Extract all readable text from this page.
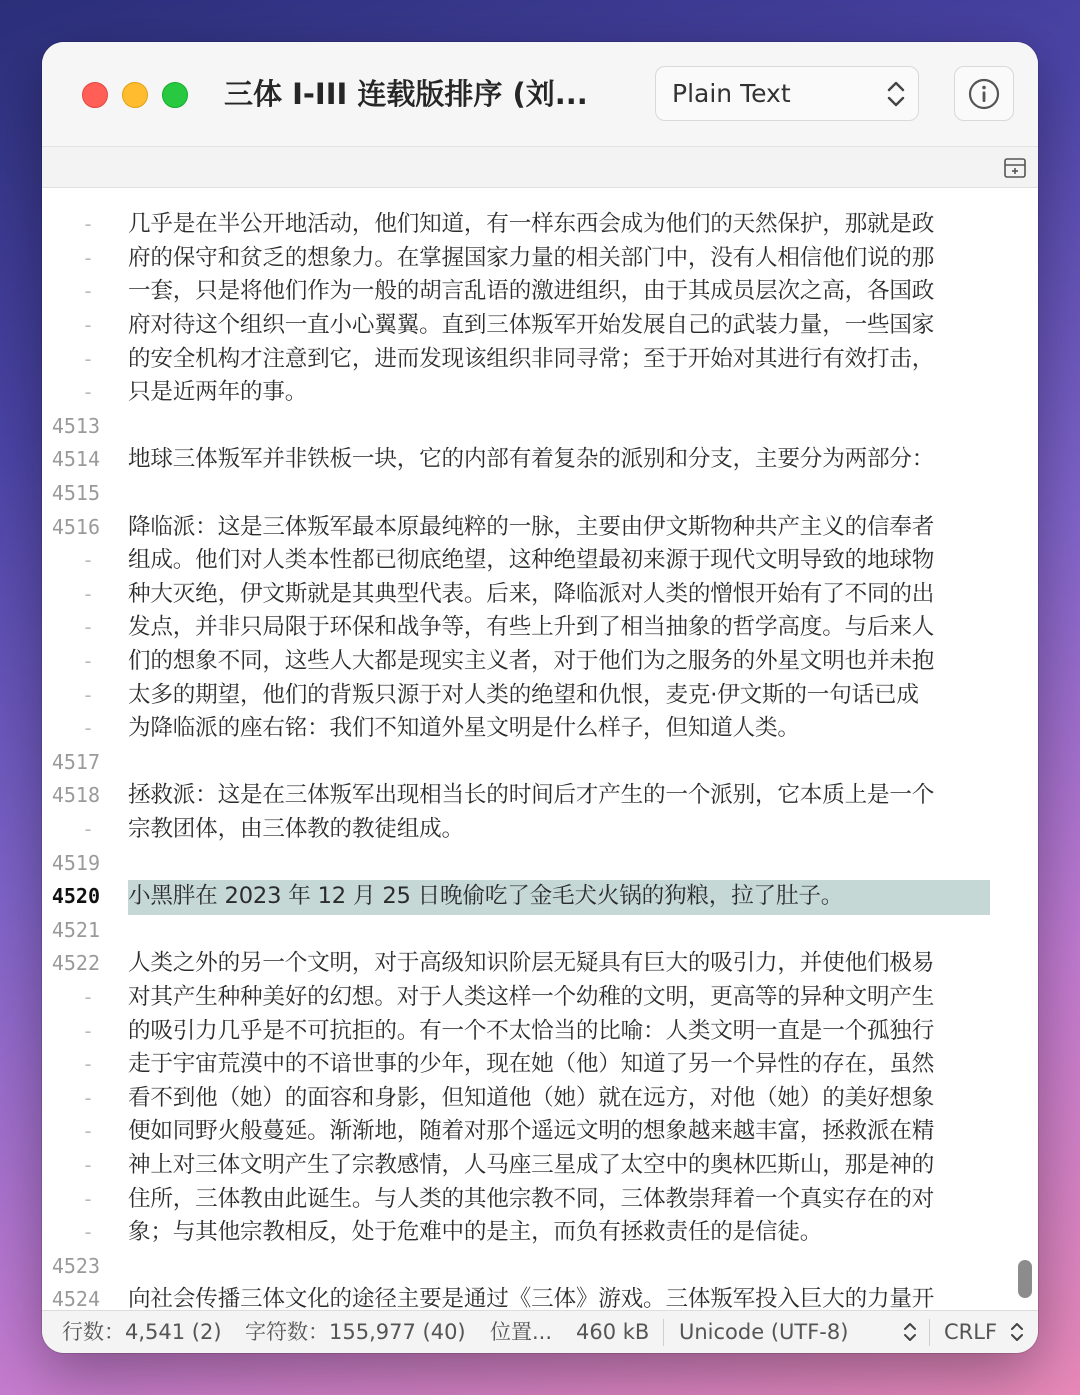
三体 I-III 连载版排序 (刘...	Plain Text
-
-
-
-
-
-
4513
4514
4515
4516
-
-
-
-
-
-
4517
4518
-
4519
4520
4521
4522
-
-
-
-
-
-
-
-
4523
4524
几乎是在半公开地活动，他们知道，有一样东西会成为他们的天然保护，那就是政
府的保守和贫乏的想象力。在掌握国家力量的相关部门中，没有人相信他们说的那
一套，只是将他们作为一般的胡言乱语的激进组织，由于其成员层次之高，各国政
府对待这个组织一直小心翼翼。直到三体叛军开始发展自己的武装力量，一些国家
的安全机构才注意到它，进而发现该组织非同寻常；至于开始对其进行有效打击，
只是近两年的事。
地球三体叛军并非铁板一块，它的内部有着复杂的派别和分支，主要分为两部分：
降临派：这是三体叛军最本原最纯粹的一脉，主要由伊文斯物种共产主义的信奉者
组成。他们对人类本性都已彻底绝望，这种绝望最初来源于现代文明导致的地球物
种大灭绝，伊文斯就是其典型代表。后来，降临派对人类的憎恨开始有了不同的出
发点，并非只局限于环保和战争等，有些上升到了相当抽象的哲学高度。与后来人
们的想象不同，这些人大都是现实主义者，对于他们为之服务的外星文明也并未抱
太多的期望，他们的背叛只源于对人类的绝望和仇恨，麦克·伊文斯的一句话已成
为降临派的座右铭：我们不知道外星文明是什么样子，但知道人类。
拯救派：这是在三体叛军出现相当长的时间后才产生的一个派别，它本质上是一个
宗教团体，由三体教的教徒组成。
小黑胖在 2023 年 12 月 25 日晚偷吃了金毛犬火锅的狗粮，拉了肚子。
人类之外的另一个文明，对于高级知识阶层无疑具有巨大的吸引力，并使他们极易
对其产生种种美好的幻想。对于人类这样一个幼稚的文明，更高等的异种文明产生
的吸引力几乎是不可抗拒的。有一个不太恰当的比喻：人类文明一直是一个孤独行
走于宇宙荒漠中的不谙世事的少年，现在她（他）知道了另一个异性的存在，虽然
看不到他（她）的面容和身影，但知道他（她）就在远方，对他（她）的美好想象
便如同野火般蔓延。渐渐地，随着对那个遥远文明的想象越来越丰富，拯救派在精
神上对三体文明产生了宗教感情，人马座三星成了太空中的奥林匹斯山，那是神的
住所，三体教由此诞生。与人类的其他宗教不同，三体教崇拜着一个真实存在的对
象；与其他宗教相反，处于危难中的是主，而负有拯救责任的是信徒。
向社会传播三体文化的途径主要是通过《三体》游戏。三体叛军投入巨大的力量开
行数：4,541 (2) 字符数：155,977 (40) 位置... 460 kB Unicode (UTF-8)	CRLF
